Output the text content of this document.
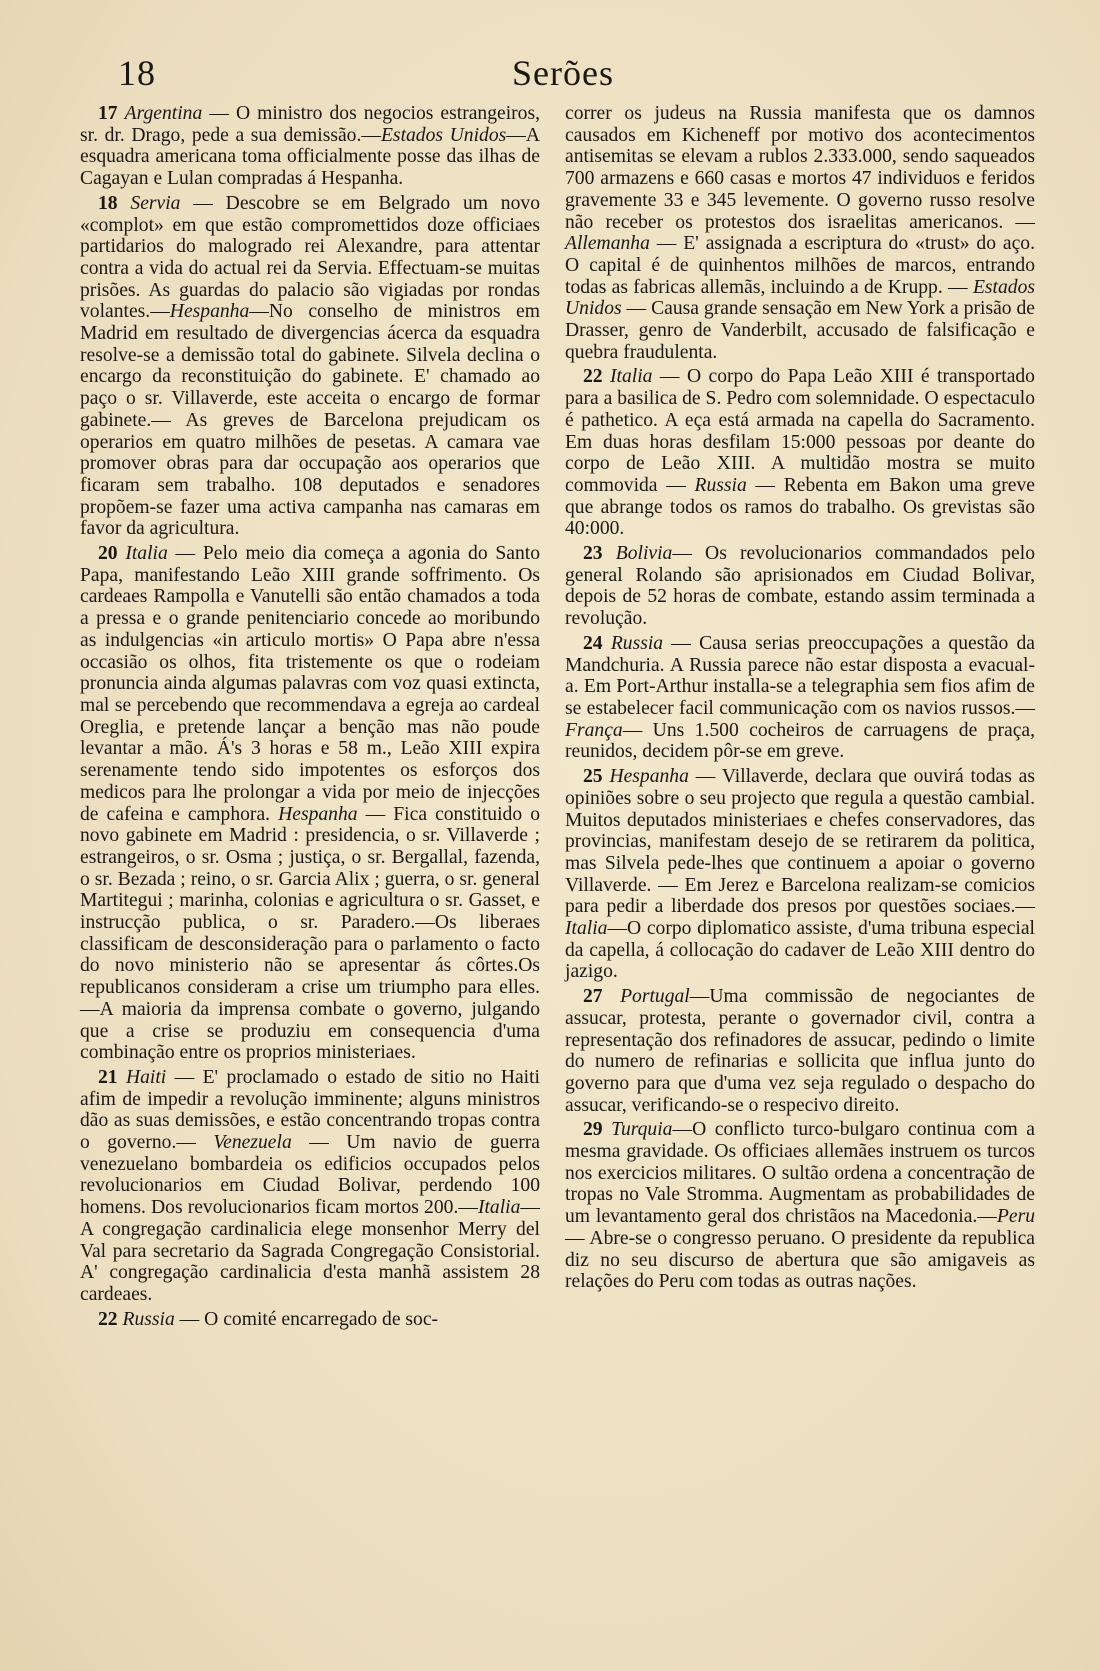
18	Serões

17 Argentina — O ministro dos negocios estrangeiros, sr. dr. Drago, pede a sua demissão.—Estados Unidos—A esquadra americana toma officialmente posse das ilhas de Cagayan e Lulan compradas á Hespanha.

18 Servia — Descobre se em Belgrado um novo «complot» em que estão compromettidos doze officiaes partidarios do malogrado rei Alexandre, para attentar contra a vida do actual rei da Servia. Effectuam-se muitas prisões. As guardas do palacio são vigiadas por rondas volantes.—Hespanha—No conselho de ministros em Madrid em resultado de divergencias ácerca da esquadra resolve-se a demissão total do gabinete. Silvela declina o encargo da reconstituição do gabinete. E' chamado ao paço o sr. Villaverde, este acceita o encargo de formar gabinete.— As greves de Barcelona prejudicam os operarios em quatro milhões de pesetas. A camara vae promover obras para dar occupação aos operarios que ficaram sem trabalho. 108 deputados e senadores propõem-se fazer uma activa campanha nas camaras em favor da agricultura.

20 Italia — Pelo meio dia começa a agonia do Santo Papa, manifestando Leão XIII grande soffrimento. Os cardeaes Rampolla e Vanutelli são então chamados a toda a pressa e o grande penitenciario concede ao moribundo as indulgencias «in articulo mortis» O Papa abre n'essa occasião os olhos, fita tristemente os que o rodeiam pronuncia ainda algumas palavras com voz quasi extincta, mal se percebendo que recommendava a egreja ao cardeal Oreglia, e pretende lançar a benção mas não poude levantar a mão. Á's 3 horas e 58 m., Leão XIII expira serenamente tendo sido impotentes os esforços dos medicos para lhe prolongar a vida por meio de injecções de cafeina e camphora. Hespanha — Fica constituido o novo gabinete em Madrid : presidencia, o sr. Villaverde ; estrangeiros, o sr. Osma ; justiça, o sr. Bergallal, fazenda, o sr. Bezada ; reino, o sr. Garcia Alix ; guerra, o sr. general Martitegui ; marinha, colonias e agricultura o sr. Gasset, e instrucção publica, o sr. Paradero.—Os liberaes classificam de desconsideração para o parlamento o facto do novo ministerio não se apresentar ás côrtes.Os republicanos consideram a crise um triumpho para elles.—A maioria da imprensa combate o governo, julgando que a crise se produziu em consequencia d'uma combinação entre os proprios ministeriaes.

21 Haiti — E' proclamado o estado de sitio no Haiti afim de impedir a revolução imminente; alguns ministros dão as suas demissões, e estão concentrando tropas contra o governo.— Venezuela — Um navio de guerra venezuelano bombardeia os edificios occupados pelos revolucionarios em Ciudad Bolivar, perdendo 100 homens. Dos revolucionarios ficam mortos 200.—Italia—A congregação cardinalicia elege monsenhor Merry del Val para secretario da Sagrada Congregação Consistorial. A' congregação cardinalicia d'esta manhã assistem 28 cardeaes.

22 Russia — O comité encarregado de soc-

correr os judeus na Russia manifesta que os damnos causados em Kicheneff por motivo dos acontecimentos antisemitas se elevam a rublos 2.333.000, sendo saqueados 700 armazens e 660 casas e mortos 47 individuos e feridos gravemente 33 e 345 levemente. O governo russo resolve não receber os protestos dos israelitas americanos. — Allemanha — E' assignada a escriptura do «trust» do aço. O capital é de quinhentos milhões de marcos, entrando todas as fabricas allemãs, incluindo a de Krupp. — Estados Unidos — Causa grande sensação em New York a prisão de Drasser, genro de Vanderbilt, accusado de falsificação e quebra fraudulenta.

22 Italia — O corpo do Papa Leão XIII é transportado para a basilica de S. Pedro com solemnidade. O espectaculo é pathetico. A eça está armada na capella do Sacramento. Em duas horas desfilam 15:000 pessoas por deante do corpo de Leão XIII. A multidão mostra se muito commovida — Russia — Rebenta em Bakon uma greve que abrange todos os ramos do trabalho. Os grevistas são 40:000.

23 Bolivia— Os revolucionarios commandados pelo general Rolando são aprisionados em Ciudad Bolivar, depois de 52 horas de combate, estando assim terminada a revolução.

24 Russia — Causa serias preoccupações a questão da Mandchuria. A Russia parece não estar disposta a evacual-a. Em Port-Arthur installa-se a telegraphia sem fios afim de se estabelecer facil communicação com os navios russos.—França— Uns 1.500 cocheiros de carruagens de praça, reunidos, decidem pôr-se em greve.

25 Hespanha — Villaverde, declara que ouvirá todas as opiniões sobre o seu projecto que regula a questão cambial. Muitos deputados ministeriaes e chefes conservadores, das provincias, manifestam desejo de se retirarem da politica, mas Silvela pede-lhes que continuem a apoiar o governo Villaverde. — Em Jerez e Barcelona realizam-se comicios para pedir a liberdade dos presos por questões sociaes.—Italia—O corpo diplomatico assiste, d'uma tribuna especial da capella, á collocação do cadaver de Leão XIII dentro do jazigo.

27 Portugal—Uma commissão de negociantes de assucar, protesta, perante o governador civil, contra a representação dos refinadores de assucar, pedindo o limite do numero de refinarias e sollicita que influa junto do governo para que d'uma vez seja regulado o despacho do assucar, verificando-se o respecivo direito.

29 Turquia—O conflicto turco-bulgaro continua com a mesma gravidade. Os officiaes allemães instruem os turcos nos exercicios militares. O sultão ordena a concentração de tropas no Vale Stromma. Augmentam as probabilidades de um levantamento geral dos christãos na Macedonia.—Peru — Abre-se o congresso peruano. O presidente da republica diz no seu discurso de abertura que são amigaveis as relações do Peru com todas as outras nações.
